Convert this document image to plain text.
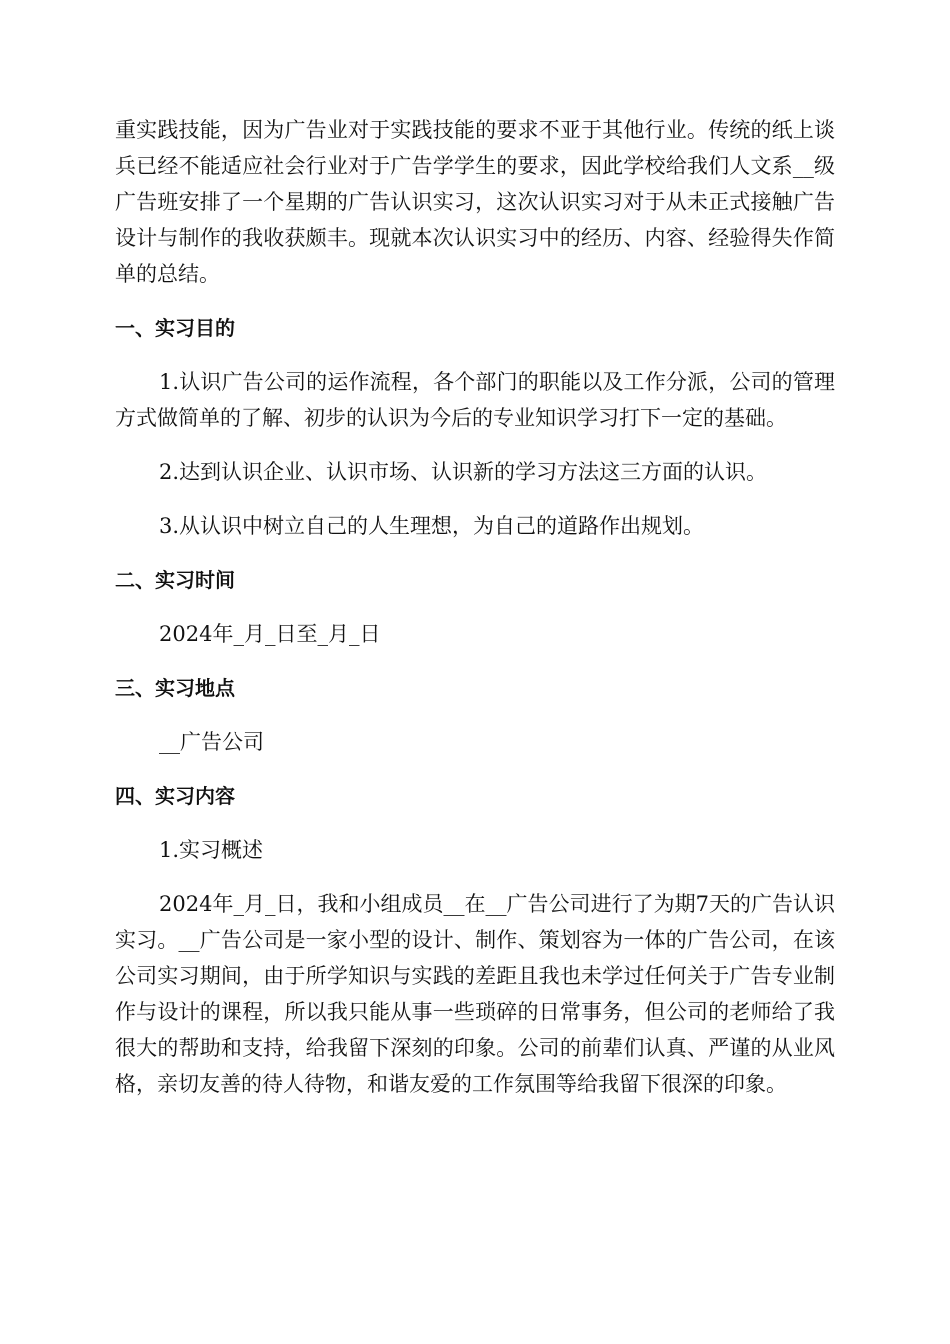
重实践技能，因为广告业对于实践技能的要求不亚于其他行业。传统的纸上谈兵已经不能适应社会行业对于广告学学生的要求，因此学校给我们人文系__级广告班安排了一个星期的广告认识实习，这次认识实习对于从未正式接触广告设计与制作的我收获颇丰。现就本次认识实习中的经历、内容、经验得失作简单的总结。

一、实习目的

1.认识广告公司的运作流程，各个部门的职能以及工作分派，公司的管理方式做简单的了解、初步的认识为今后的专业知识学习打下一定的基础。

2.达到认识企业、认识市场、认识新的学习方法这三方面的认识。

3.从认识中树立自己的人生理想，为自己的道路作出规划。

二、实习时间

2024年_月_日至_月_日

三、实习地点

__广告公司

四、实习内容

1.实习概述

2024年_月_日，我和小组成员__在__广告公司进行了为期7天的广告认识实习。__广告公司是一家小型的设计、制作、策划容为一体的广告公司，在该公司实习期间，由于所学知识与实践的差距且我也未学过任何关于广告专业制作与设计的课程，所以我只能从事一些琐碎的日常事务，但公司的老师给了我很大的帮助和支持，给我留下深刻的印象。公司的前辈们认真、严谨的从业风格，亲切友善的待人待物，和谐友爱的工作氛围等给我留下很深的印象。
